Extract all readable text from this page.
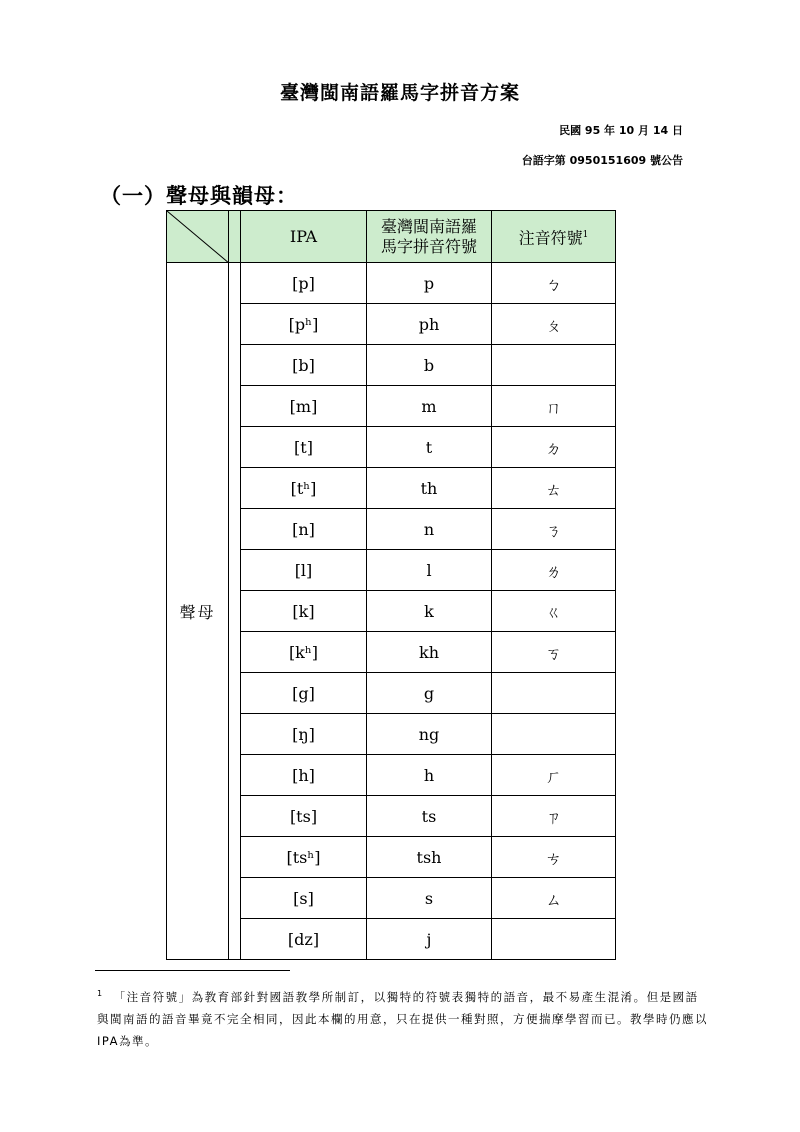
臺灣閩南語羅馬字拼音方案
民國 95 年 10 月 14 日
台語字第 0950151609 號公告
（一）聲母與韻母：
		IPA	臺灣閩南語羅馬字拼音符號	注音符號$^1$
聲母		[p]	p	ㄅ
		[pʰ]	ph	ㄆ
		[b]	b	
		[m]	m	ㄇ
		[t]	t	ㄉ
		[tʰ]	th	ㄊ
		[n]	n	ㄋ
		[l]	l	ㄌ
		[k]	k	ㄍ
		[kʰ]	kh	ㄎ
		[g]	g	
		[ŋ]	ng	
		[h]	h	ㄏ
		[ts]	ts	ㄗ
		[tsʰ]	tsh	ㄘ
		[s]	s	ㄙ
		[dz]	j	
$^1$ 「注音符號」為教育部針對國語教學所制訂，以獨特的符號表獨特的語音，最不易產生混淆。但是國語與閩南語的語音畢竟不完全相同，因此本欄的用意，只在提供一種對照，方便揣摩學習而已。教學時仍應以IPA為準。
